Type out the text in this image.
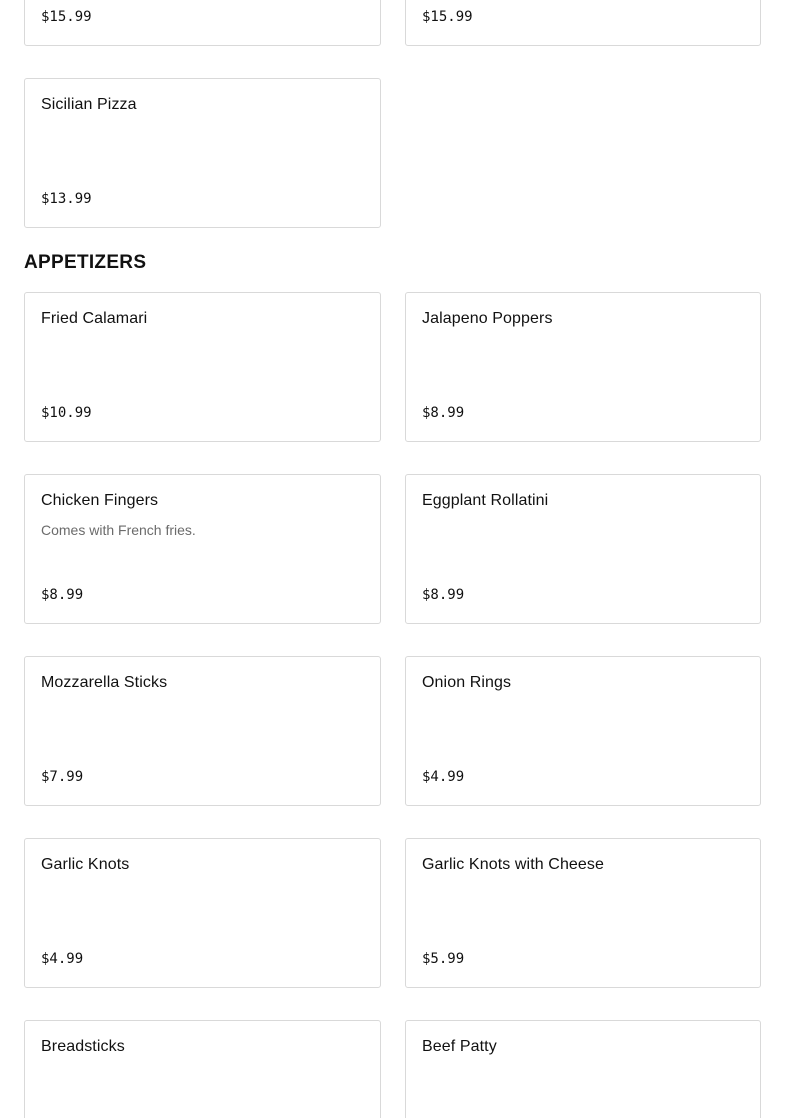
$15.99	$15.99
Sicilian Pizza
$13.99
APPETIZERS
Fried Calamari
$10.99
Jalapeno Poppers
$8.99
Chicken Fingers
Comes with French fries.
$8.99
Eggplant Rollatini
$8.99
Mozzarella Sticks
$7.99
Onion Rings
$4.99
Garlic Knots
$4.99
Garlic Knots with Cheese
$5.99
Breadsticks	Beef Patty
